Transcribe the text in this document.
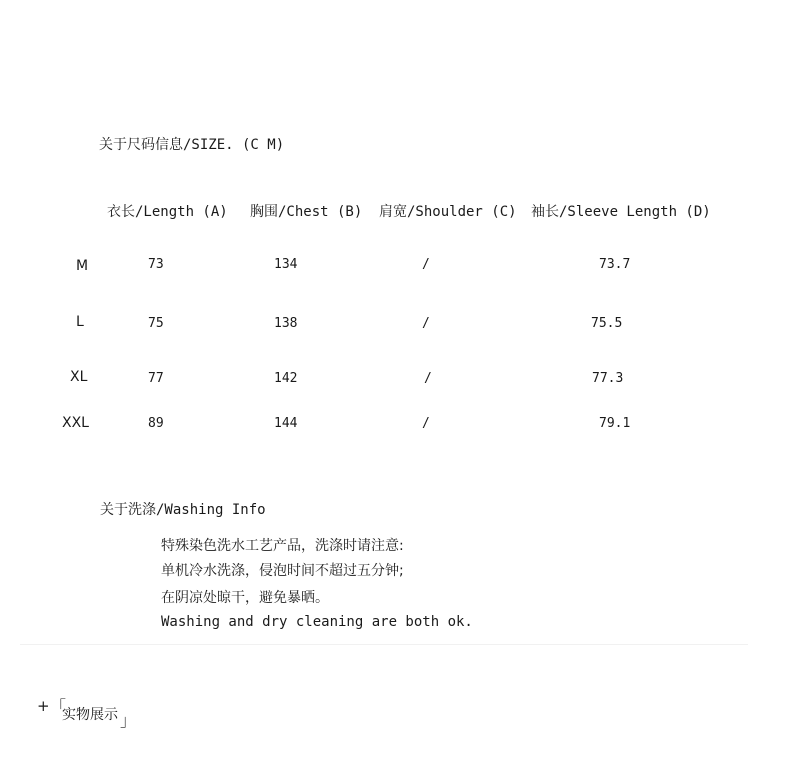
关于尺码信息/SIZE. (C M)
衣长/Length (A) 胸围/Chest (B) 肩宽/Shoulder (C) 袖长/Sleeve Length (D)
M	73	134	/	73.7
L	75	138	/	75.5
XL	77	142	/	77.3
XXL	89	144	/	79.1
关于洗涤/Washing Info
特殊染色洗水工艺产品，洗涤时请注意:
单机冷水洗涤，侵泡时间不超过五分钟;
在阴凉处晾干，避免暴晒。
Washing and dry cleaning are both ok.
+ 「
实物展示 」
